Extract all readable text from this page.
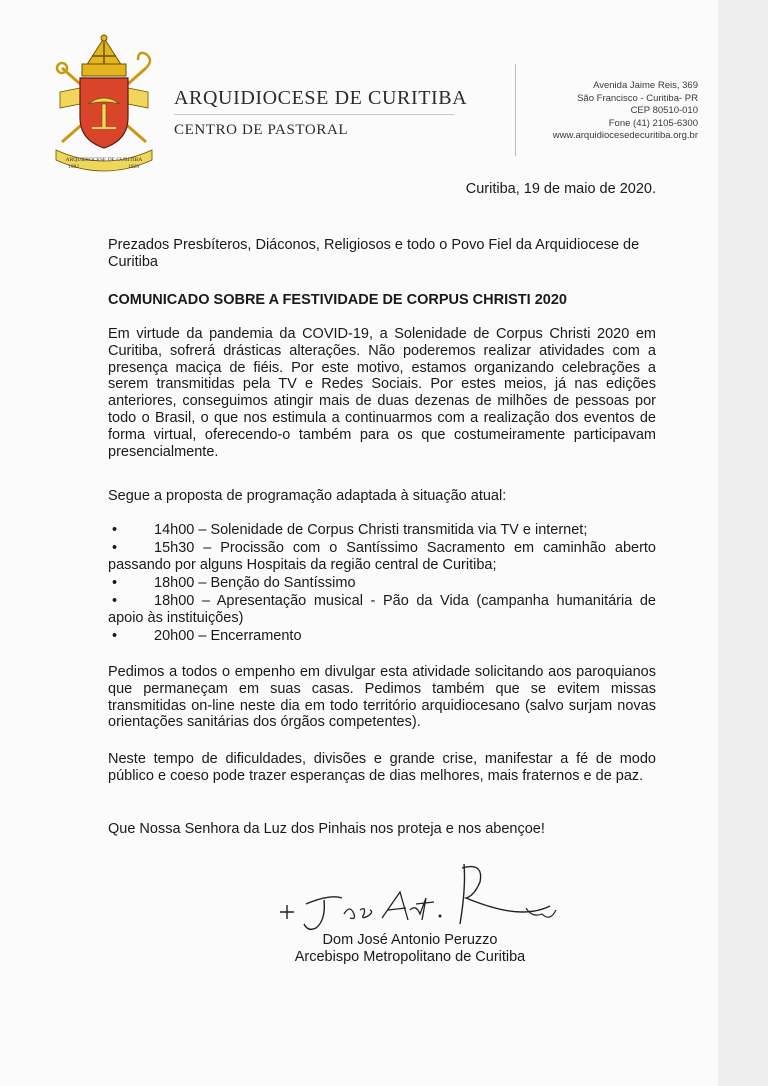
ARQUIDIOCESE DE CURITIBA
1892	1926
ARQUIDIOCESE DE CURITIBA
CENTRO DE PASTORAL
Avenida Jaime Reis, 369
São Francisco - Curitiba- PR
CEP 80510-010
Fone (41) 2105-6300
www.arquidiocesedecuritiba.org.br
Curitiba, 19 de maio de 2020.
Prezados Presbíteros, Diáconos, Religiosos e todo o Povo Fiel da Arquidiocese de Curitiba
COMUNICADO SOBRE A FESTIVIDADE DE CORPUS CHRISTI 2020
Em virtude da pandemia da COVID-19, a Solenidade de Corpus Christi 2020 em Curitiba, sofrerá drásticas alterações. Não poderemos realizar atividades com a presença maciça de fiéis. Por este motivo, estamos organizando celebrações a serem transmitidas pela TV e Redes Sociais. Por estes meios, já nas edições anteriores, conseguimos atingir mais de duas dezenas de milhões de pessoas por todo o Brasil, o que nos estimula a continuarmos com a realização dos eventos de forma virtual, oferecendo-o também para os que costumeiramente participavam presencialmente.
Segue a proposta de programação adaptada à situação atual:
•	14h00 – Solenidade de Corpus Christi transmitida via TV e internet;
•	15h30 – Procissão com o Santíssimo Sacramento em caminhão aberto passando por alguns Hospitais da região central de Curitiba;
•	18h00 – Benção do Santíssimo
•	18h00 – Apresentação musical - Pão da Vida (campanha humanitária de apoio às instituições)
•	20h00 – Encerramento
Pedimos a todos o empenho em divulgar esta atividade solicitando aos paroquianos que permaneçam em suas casas. Pedimos também que se evitem missas transmitidas on-line neste dia em todo território arquidiocesano (salvo surjam novas orientações sanitárias dos órgãos competentes).
Neste tempo de dificuldades, divisões e grande crise, manifestar a fé de modo público e coeso pode trazer esperanças de dias melhores, mais fraternos e de paz.
Que Nossa Senhora da Luz dos Pinhais nos proteja e nos abençoe!
Dom José Antonio Peruzzo
Arcebispo Metropolitano de Curitiba
